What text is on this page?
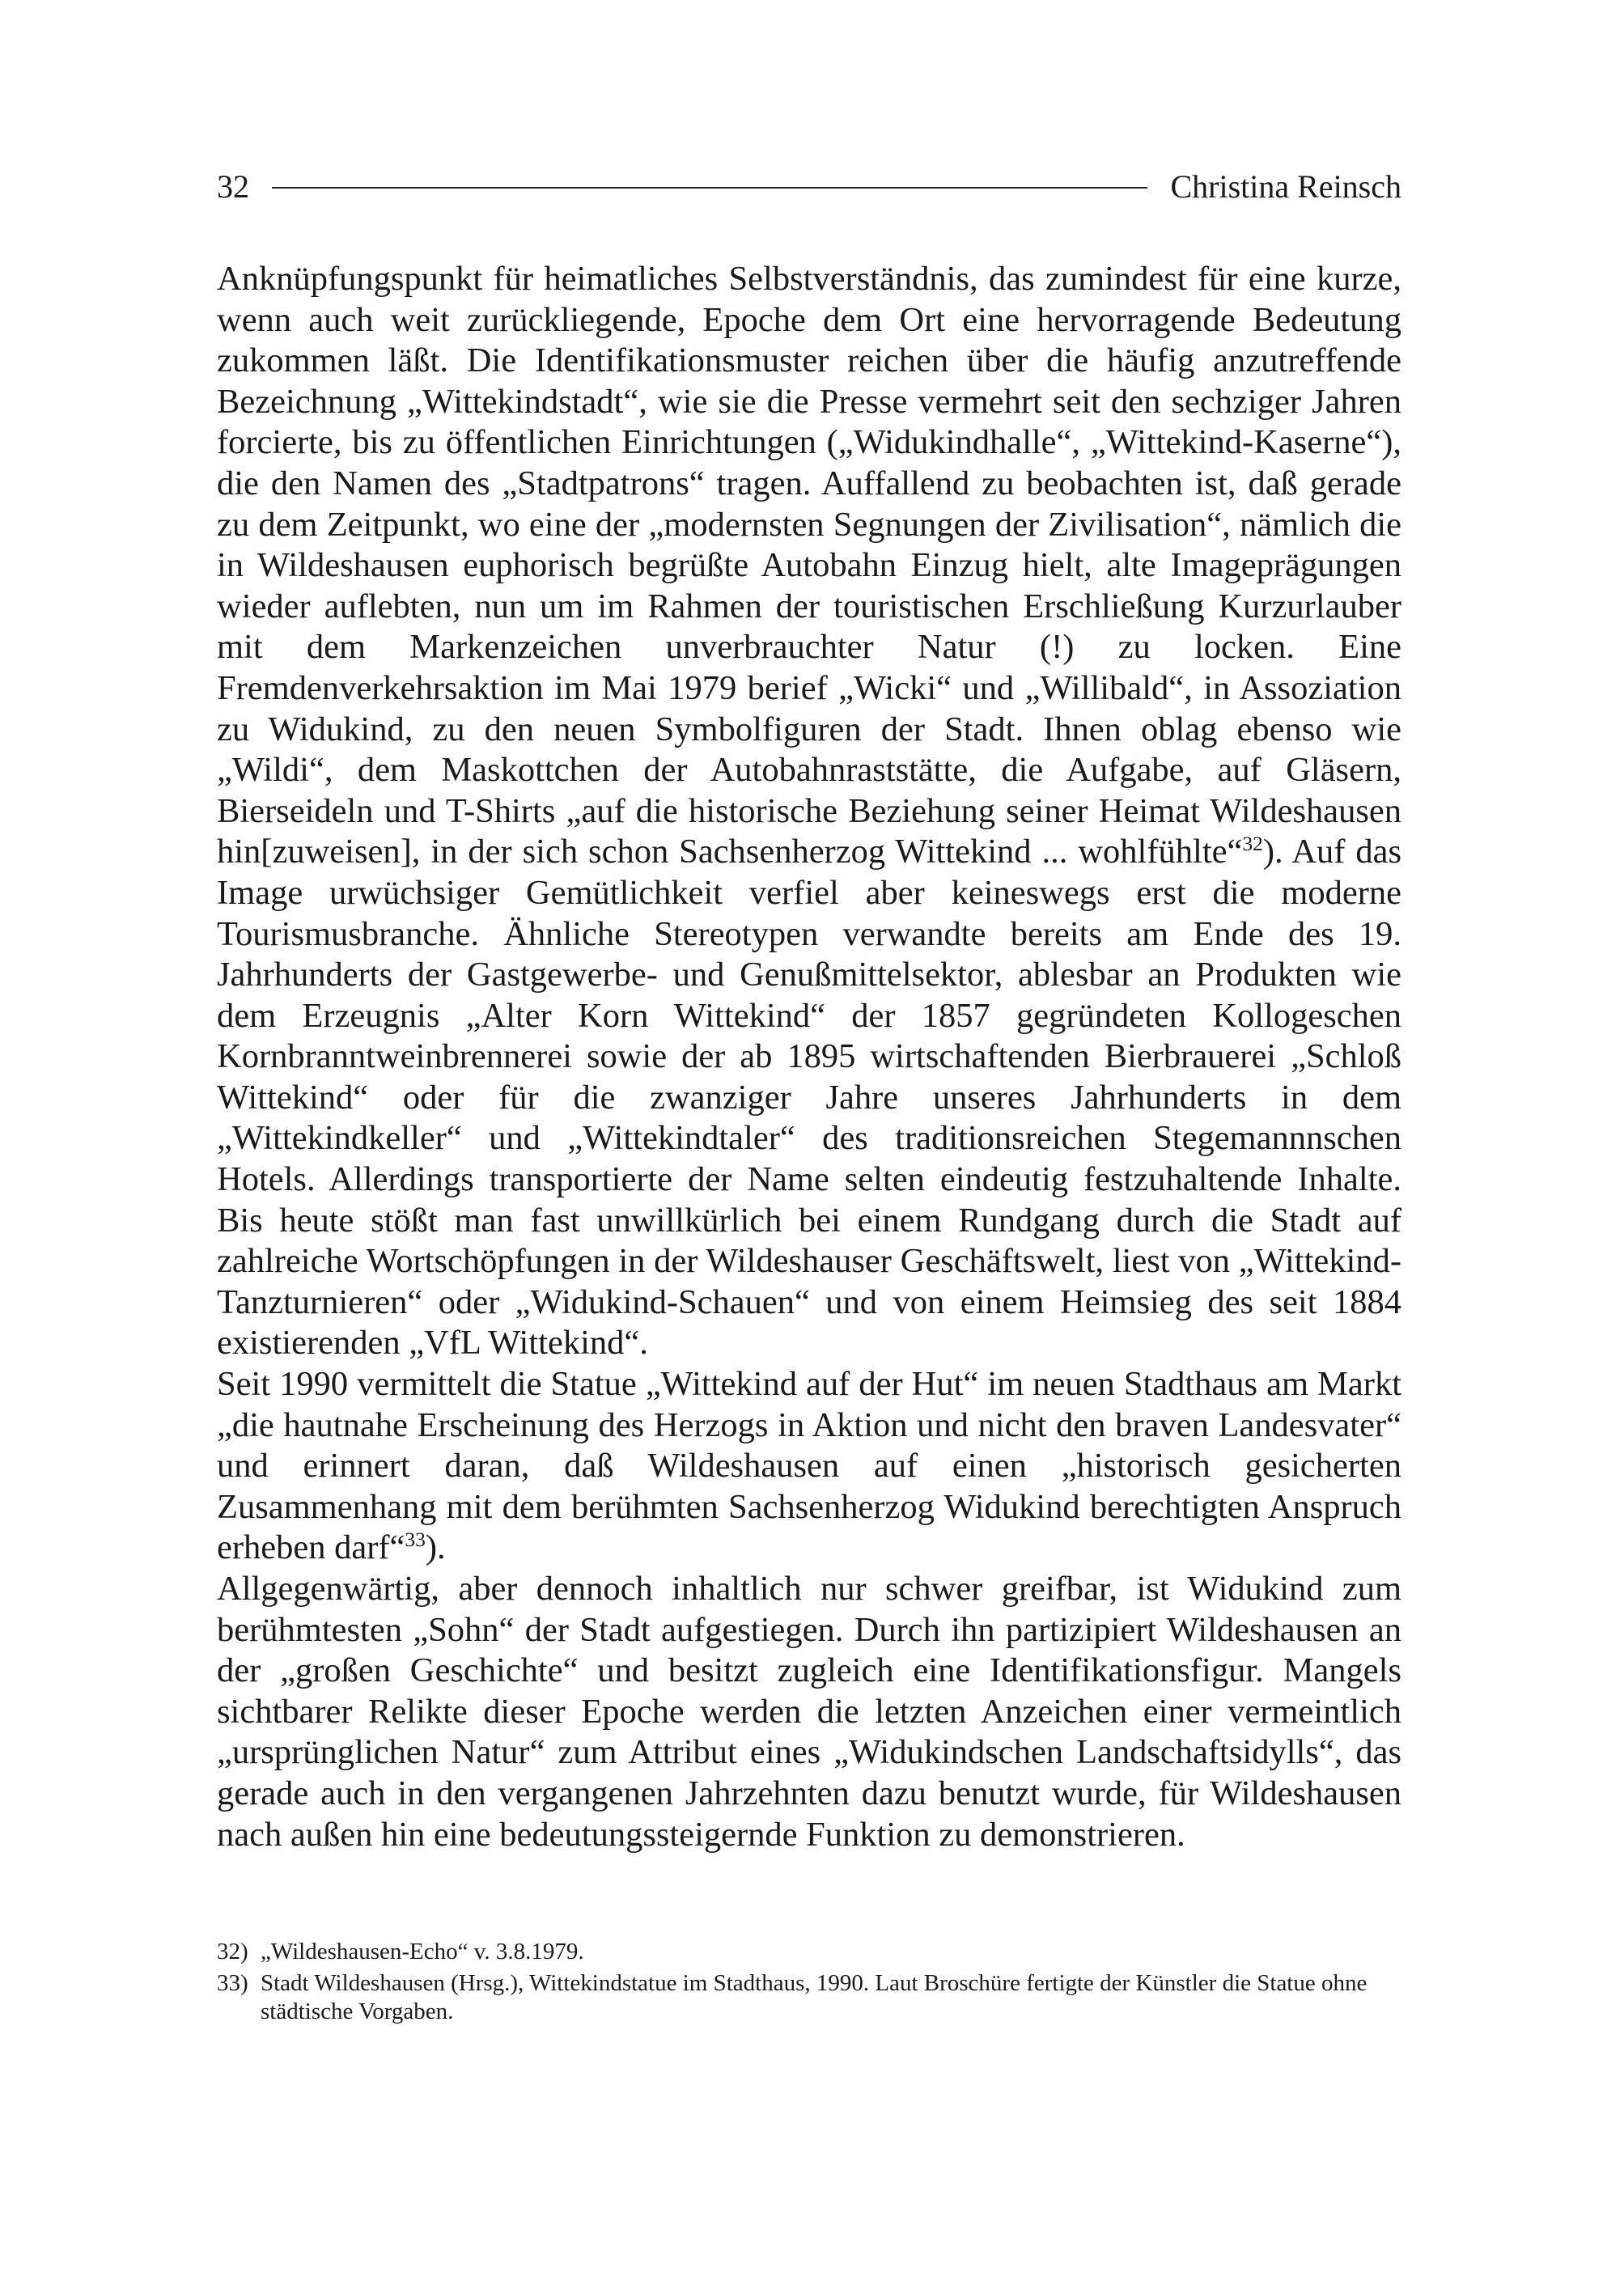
32	Christina Reinsch

Anknüpfungspunkt für heimatliches Selbstverständnis, das zumindest für eine kurze, wenn auch weit zurückliegende, Epoche dem Ort eine hervorragende Bedeutung zukommen läßt. Die Identifikationsmuster reichen über die häufig anzutreffende Bezeichnung „Wittekindstadt“, wie sie die Presse vermehrt seit den sechziger Jahren forcierte, bis zu öffentlichen Einrichtungen („Widukindhalle“, „Wittekind-Kaserne“), die den Namen des „Stadtpatrons“ tragen. Auffallend zu beobachten ist, daß gerade zu dem Zeitpunkt, wo eine der „modernsten Segnungen der Zivilisation“, nämlich die in Wildeshausen euphorisch begrüßte Autobahn Einzug hielt, alte Imageprägungen wieder auflebten, nun um im Rahmen der touristischen Erschließung Kurzurlauber mit dem Markenzeichen unverbrauchter Natur (!) zu locken. Eine Fremdenverkehrsaktion im Mai 1979 berief „Wicki“ und „Willibald“, in Assoziation zu Widukind, zu den neuen Symbolfiguren der Stadt. Ihnen oblag ebenso wie „Wildi“, dem Maskottchen der Autobahnraststätte, die Aufgabe, auf Gläsern, Bierseideln und T-Shirts „auf die historische Beziehung seiner Heimat Wildeshausen hin[zuweisen], in der sich schon Sachsenherzog Wittekind ... wohlfühlte“$^{32}$). Auf das Image urwüchsiger Gemütlichkeit verfiel aber keineswegs erst die moderne Tourismusbranche. Ähnliche Stereotypen verwandte bereits am Ende des 19. Jahrhunderts der Gastgewerbe- und Genußmittelsektor, ablesbar an Produkten wie dem Erzeugnis „Alter Korn Wittekind“ der 1857 gegründeten Kollogeschen Kornbranntweinbrennerei sowie der ab 1895 wirtschaftenden Bierbrauerei „Schloß Wittekind“ oder für die zwanziger Jahre unseres Jahrhunderts in dem „Wittekindkeller“ und „Wittekindtaler“ des traditionsreichen Stegemannnschen Hotels. Allerdings transportierte der Name selten eindeutig festzuhaltende Inhalte. Bis heute stößt man fast unwillkürlich bei einem Rundgang durch die Stadt auf zahlreiche Wortschöpfungen in der Wildeshauser Geschäftswelt, liest von „Wittekind-Tanzturnieren“ oder „Widukind-Schauen“ und von einem Heimsieg des seit 1884 existierenden „VfL Wittekind“.

Seit 1990 vermittelt die Statue „Wittekind auf der Hut“ im neuen Stadthaus am Markt „die hautnahe Erscheinung des Herzogs in Aktion und nicht den braven Landesvater“ und erinnert daran, daß Wildeshausen auf einen „historisch gesicherten Zusammenhang mit dem berühmten Sachsenherzog Widukind berechtigten Anspruch erheben darf“$^{33}$).

Allgegenwärtig, aber dennoch inhaltlich nur schwer greifbar, ist Widukind zum berühmtesten „Sohn“ der Stadt aufgestiegen. Durch ihn partizipiert Wildeshausen an der „großen Geschichte“ und besitzt zugleich eine Identifikationsfigur. Mangels sichtbarer Relikte dieser Epoche werden die letzten Anzeichen einer vermeintlich „ursprünglichen Natur“ zum Attribut eines „Widukindschen Landschaftsidylls“, das gerade auch in den vergangenen Jahrzehnten dazu benutzt wurde, für Wildeshausen nach außen hin eine bedeutungssteigernde Funktion zu demonstrieren.

32) „Wildeshausen-Echo“ v. 3.8.1979.
33) Stadt Wildeshausen (Hrsg.), Wittekindstatue im Stadthaus, 1990. Laut Broschüre fertigte der Künstler die Statue ohne städtische Vorgaben.
